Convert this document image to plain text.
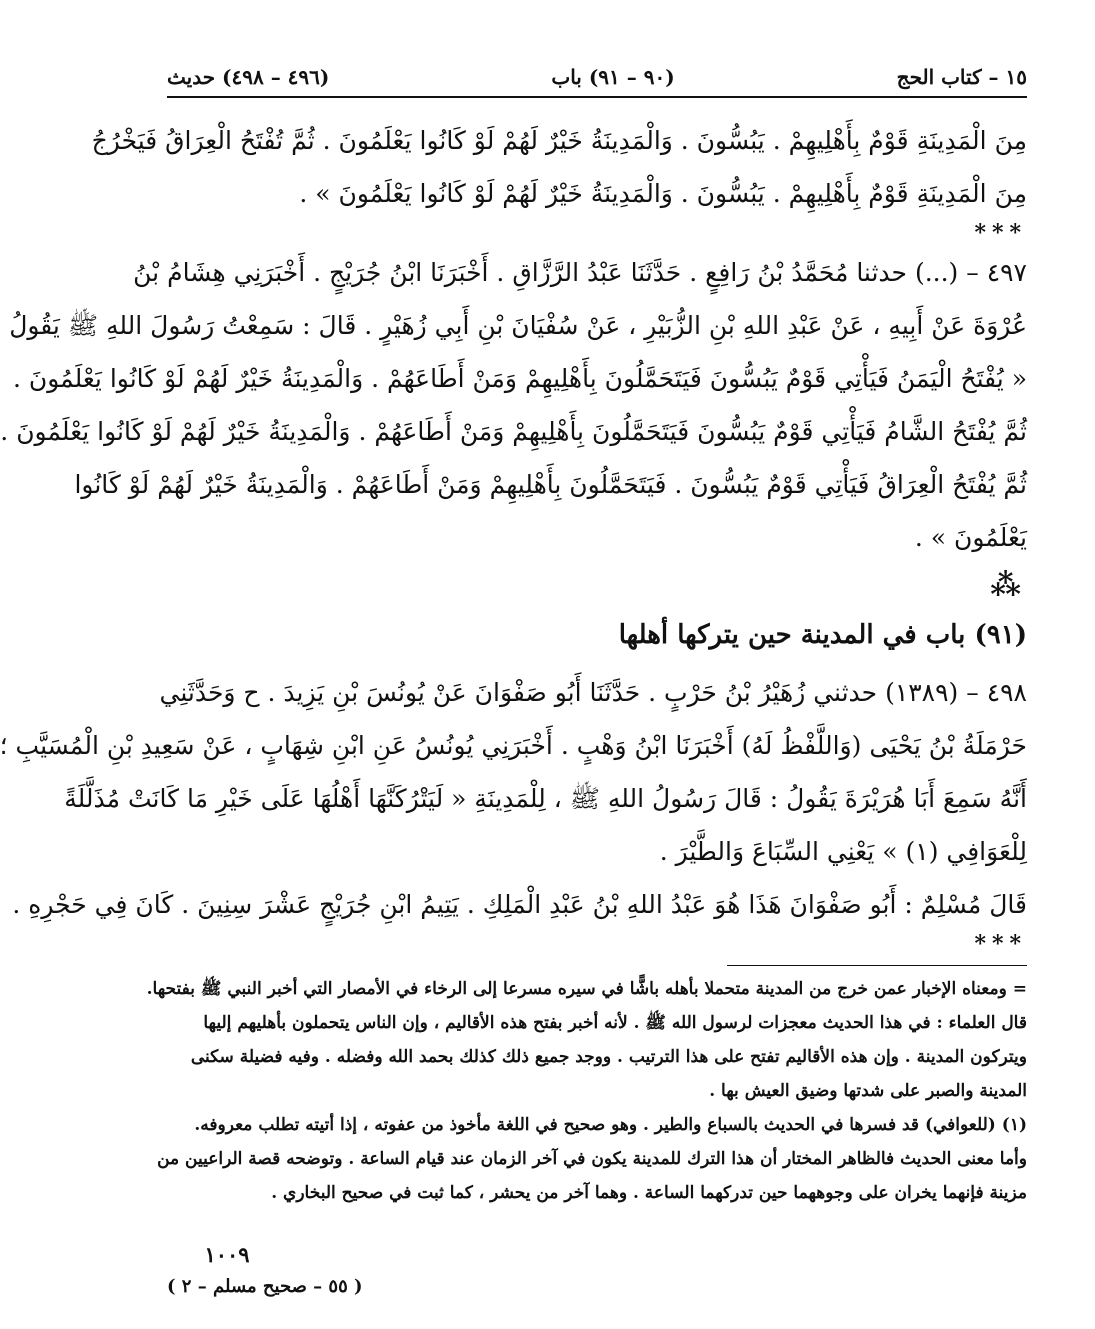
١٥ – كتاب الحج
(٩٠ – ٩١) باب
(٤٩٦ – ٤٩٨) حديث
مِنَ الْمَدِينَةِ قَوْمٌ بِأَهْلِيهِمْ . يَبُسُّونَ . وَالْمَدِينَةُ خَيْرٌ لَهُمْ لَوْ كَانُوا يَعْلَمُونَ . ثُمَّ تُفْتَحُ الْعِرَاقُ فَيَخْرُجُ
مِنَ الْمَدِينَةِ قَوْمٌ بِأَهْلِيهِمْ . يَبُسُّونَ . وَالْمَدِينَةُ خَيْرٌ لَهُمْ لَوْ كَانُوا يَعْلَمُونَ » .
***
٤٩٧ – (...) حدثنا مُحَمَّدُ بْنُ رَافِعٍ . حَدَّثَنَا عَبْدُ الرَّزَّاقِ . أَخْبَرَنَا ابْنُ جُرَيْجٍ . أَخْبَرَنِي هِشَامُ بْنُ
عُرْوَةَ عَنْ أَبِيهِ ، عَنْ عَبْدِ اللهِ بْنِ الزُّبَيْرِ ، عَنْ سُفْيَانَ بْنِ أَبِي زُهَيْرٍ . قَالَ : سَمِعْتُ رَسُولَ اللهِ ﷺ يَقُولُ
« يُفْتَحُ الْيَمَنُ فَيَأْتِي قَوْمٌ يَبُسُّونَ فَيَتَحَمَّلُونَ بِأَهْلِيهِمْ وَمَنْ أَطَاعَهُمْ . وَالْمَدِينَةُ خَيْرٌ لَهُمْ لَوْ كَانُوا يَعْلَمُونَ .
ثُمَّ يُفْتَحُ الشَّامُ فَيَأْتِي قَوْمٌ يَبُسُّونَ فَيَتَحَمَّلُونَ بِأَهْلِيهِمْ وَمَنْ أَطَاعَهُمْ . وَالْمَدِينَةُ خَيْرٌ لَهُمْ لَوْ كَانُوا يَعْلَمُونَ .
ثُمَّ يُفْتَحُ الْعِرَاقُ فَيَأْتِي قَوْمٌ يَبُسُّونَ . فَيَتَحَمَّلُونَ بِأَهْلِيهِمْ وَمَنْ أَطَاعَهُمْ . وَالْمَدِينَةُ خَيْرٌ لَهُمْ لَوْ كَانُوا
يَعْلَمُونَ » .
⁂
(٩١) باب في المدينة حين يتركها أهلها
٤٩٨ – (١٣٨٩) حدثني زُهَيْرُ بْنُ حَرْبٍ . حَدَّثَنَا أَبُو صَفْوَانَ عَنْ يُونُسَ بْنِ يَزِيدَ . ح وَحَدَّثَنِي
حَرْمَلَةُ بْنُ يَحْيَى (وَاللَّفْظُ لَهُ) أَخْبَرَنَا ابْنُ وَهْبٍ . أَخْبَرَنِي يُونُسُ عَنِ ابْنِ شِهَابٍ ، عَنْ سَعِيدِ بْنِ الْمُسَيَّبِ ؛
أَنَّهُ سَمِعَ أَبَا هُرَيْرَةَ يَقُولُ : قَالَ رَسُولُ اللهِ ﷺ ، لِلْمَدِينَةِ « لَيَتْرُكَنَّهَا أَهْلُهَا عَلَى خَيْرِ مَا كَانَتْ مُذَلَّلَةً
لِلْعَوَافِي (١) » يَعْنِي السِّبَاعَ وَالطَّيْرَ .
قَالَ مُسْلِمٌ : أَبُو صَفْوَانَ هَذَا هُوَ عَبْدُ اللهِ بْنُ عَبْدِ الْمَلِكِ . يَتِيمُ ابْنِ جُرَيْجٍ عَشْرَ سِنِينَ . كَانَ فِي حَجْرِهِ .
***
= ومعناه الإخبار عمن خرج من المدينة متحملا بأهله باشًّا في سيره مسرعا إلى الرخاء في الأمصار التي أخبر النبي ﷺ بفتحها.
قال العلماء : في هذا الحديث معجزات لرسول الله ﷺ . لأنه أخبر بفتح هذه الأقاليم ، وإن الناس يتحملون بأهليهم إليها
ويتركون المدينة . وإن هذه الأقاليم تفتح على هذا الترتيب . ووجد جميع ذلك كذلك بحمد الله وفضله . وفيه فضيلة سكنى
المدينة والصبر على شدتها وضيق العيش بها .
(١) (للعوافي) قد فسرها في الحديث بالسباع والطير . وهو صحيح في اللغة مأخوذ من عفوته ، إذا أتيته تطلب معروفه.
وأما معنى الحديث فالظاهر المختار أن هذا الترك للمدينة يكون في آخر الزمان عند قيام الساعة . وتوضحه قصة الراعيين من
مزينة فإنهما يخران على وجوههما حين تدركهما الساعة . وهما آخر من يحشر ، كما ثبت في صحيح البخاري .
١٠٠٩
( ٥٥ – صحيح مسلم – ٢ )
